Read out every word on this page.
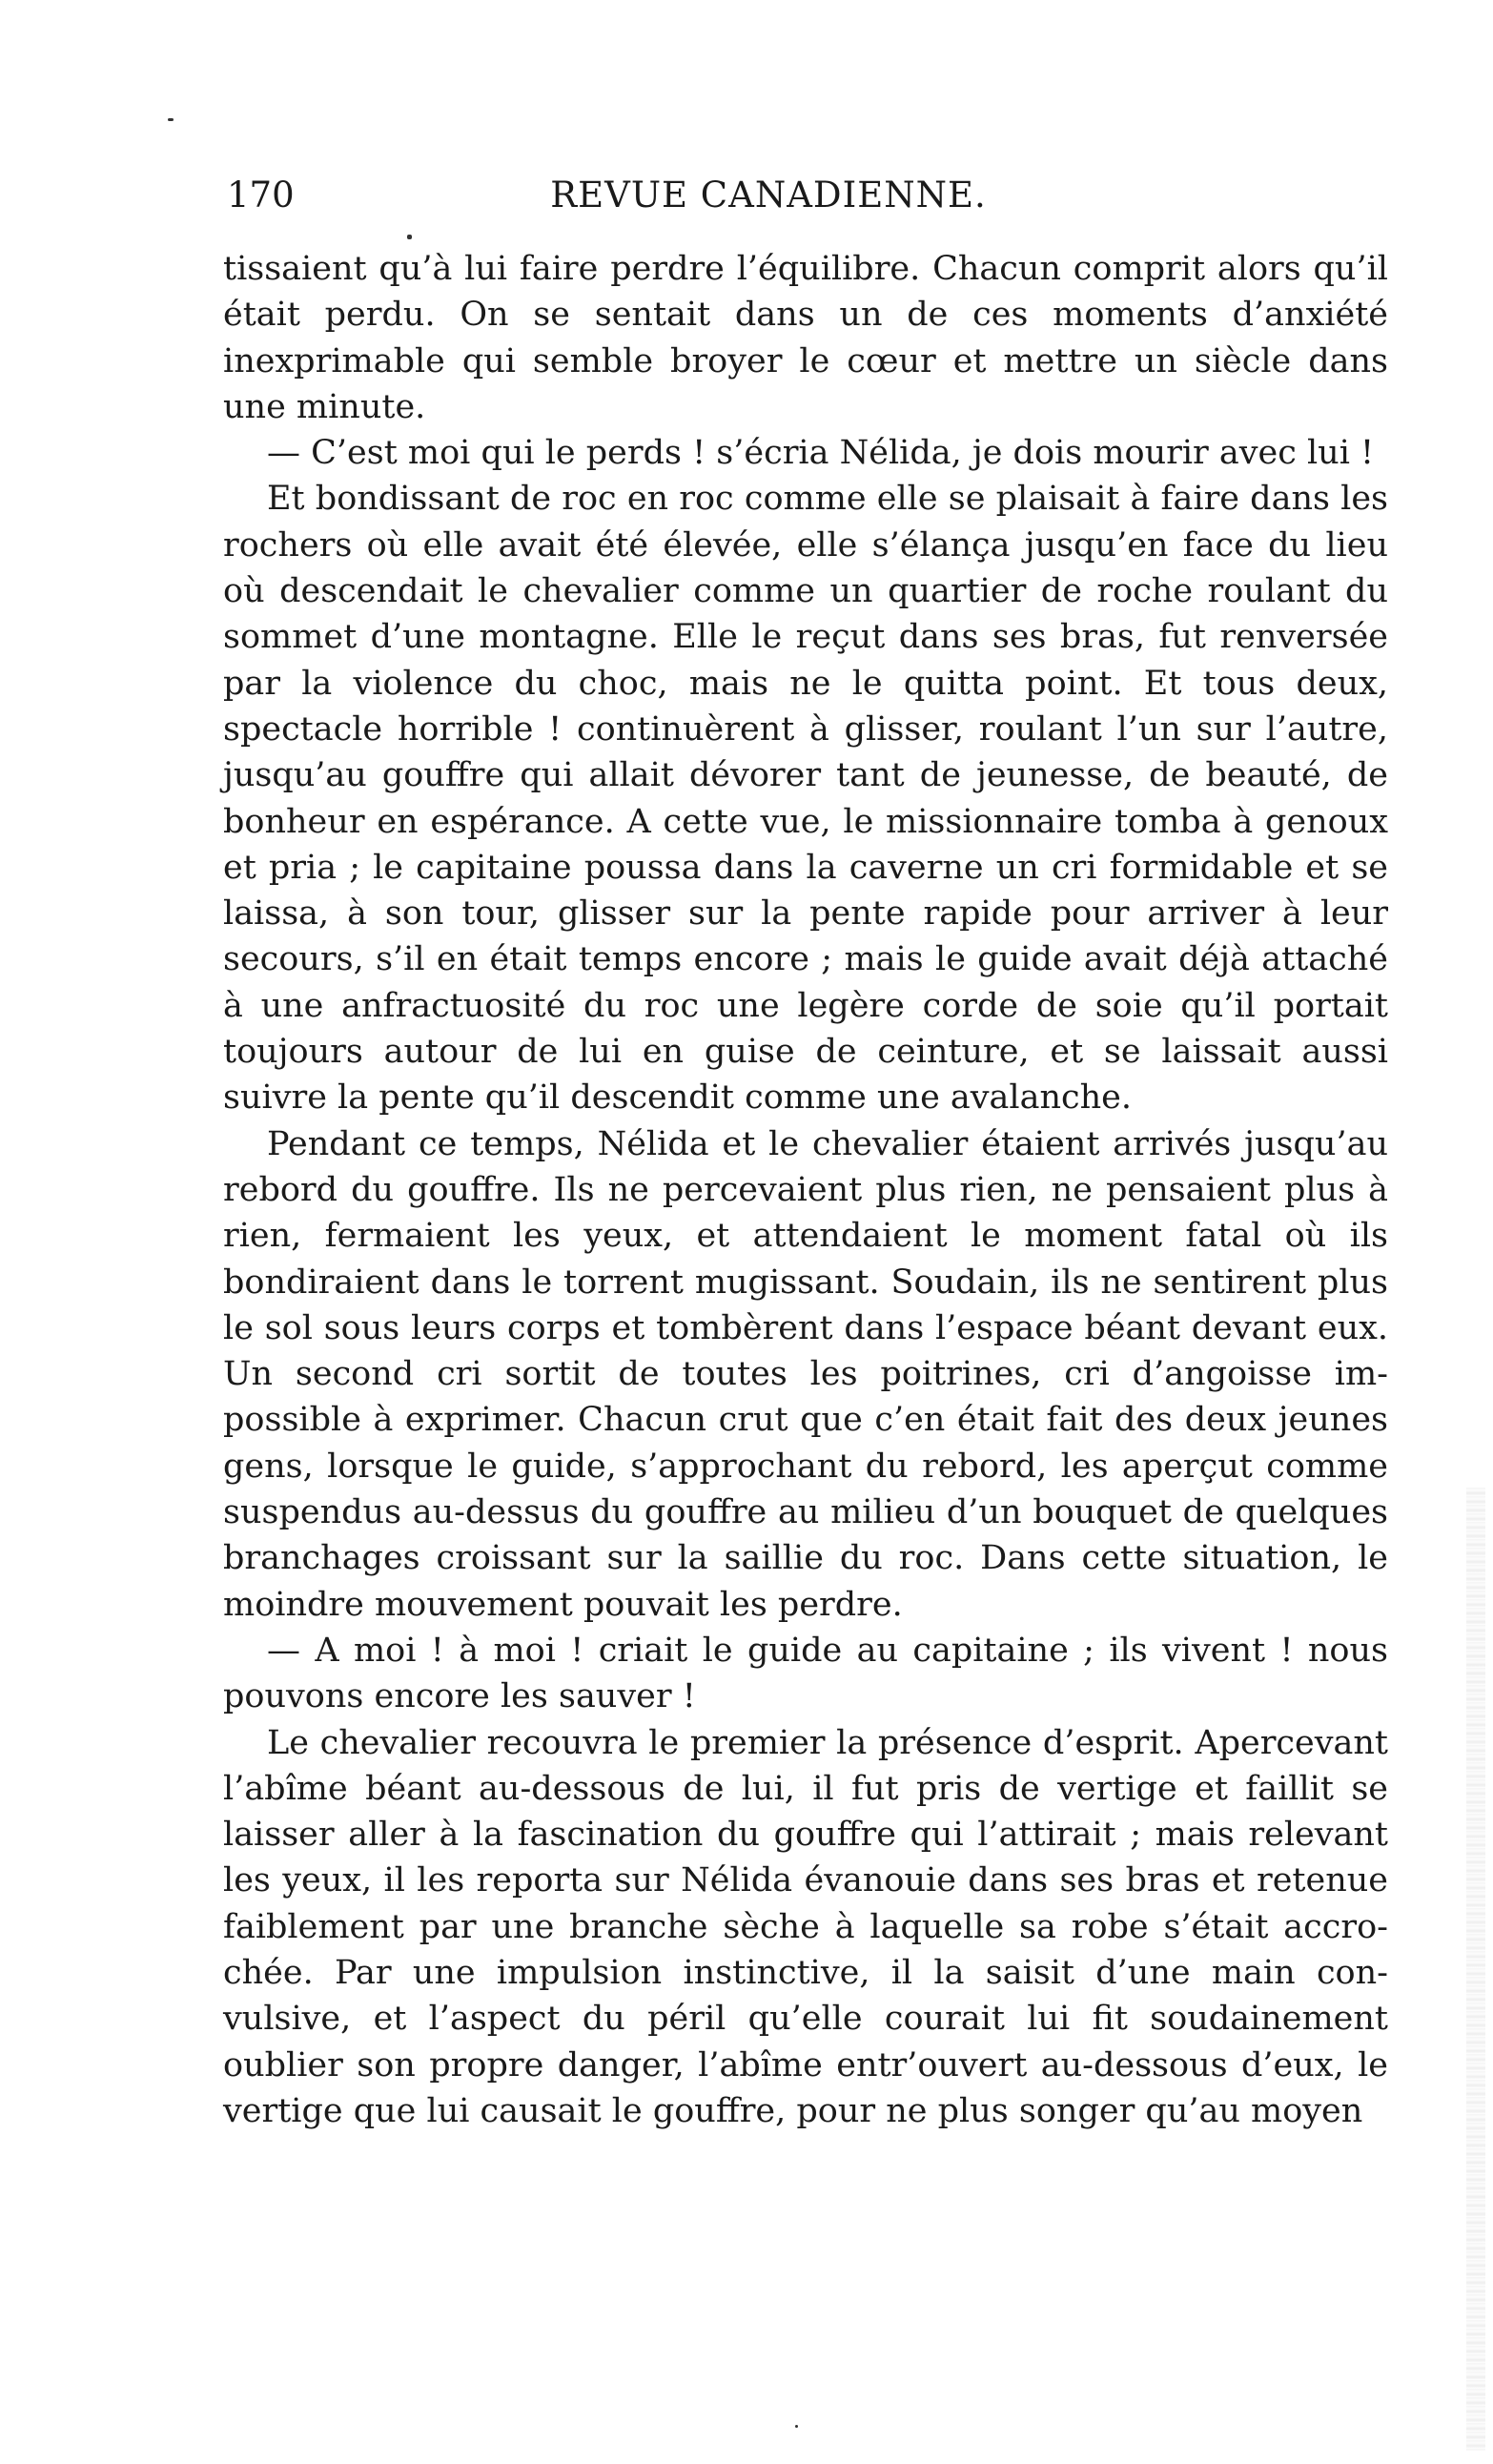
170	REVUE CANADIENNE.

tissaient qu’à lui faire perdre l’équilibre. Chacun comprit alors qu’il était perdu. On se sentait dans un de ces moments d’anxiété inexprimable qui semble broyer le cœur et mettre un siècle dans une minute.

— C’est moi qui le perds ! s’écria Nélida, je dois mourir avec lui !

Et bondissant de roc en roc comme elle se plaisait à faire dans les rochers où elle avait été élevée, elle s’élança jusqu’en face du lieu où descendait le chevalier comme un quartier de roche roulant du sommet d’une montagne. Elle le reçut dans ses bras, fut renversée par la violence du choc, mais ne le quitta point. Et tous deux, spectacle horrible ! continuèrent à glisser, roulant l’un sur l’autre, jusqu’au gouffre qui allait dévorer tant de jeunesse, de beauté, de bonheur en espérance. A cette vue, le missionnaire tomba à genoux et pria ; le capitaine poussa dans la caverne un cri formidable et se laissa, à son tour, glisser sur la pente rapide pour arriver à leur secours, s’il en était temps encore ; mais le guide avait déjà attaché à une anfractuosité du roc une legère corde de soie qu’il portait toujours autour de lui en guise de ceinture, et se laissait aussi suivre la pente qu’il descendit comme une avalanche.

Pendant ce temps, Nélida et le chevalier étaient arrivés jusqu’au rebord du gouffre. Ils ne percevaient plus rien, ne pensaient plus à rien, fermaient les yeux, et attendaient le moment fatal où ils bondiraient dans le torrent mugissant. Soudain, ils ne sentirent plus le sol sous leurs corps et tombèrent dans l’espace béant devant eux. Un second cri sortit de toutes les poitrines, cri d’angoisse impossible à exprimer. Chacun crut que c’en était fait des deux jeunes gens, lorsque le guide, s’approchant du rebord, les aperçut comme suspendus au-dessus du gouffre au milieu d’un bouquet de quelques branchages croissant sur la saillie du roc. Dans cette situation, le moindre mouvement pouvait les perdre.

— A moi ! à moi ! criait le guide au capitaine ; ils vivent ! nous pouvons encore les sauver !

Le chevalier recouvra le premier la présence d’esprit. Apercevant l’abîme béant au-dessous de lui, il fut pris de vertige et faillit se laisser aller à la fascination du gouffre qui l’attirait ; mais relevant les yeux, il les reporta sur Nélida évanouie dans ses bras et retenue faiblement par une branche sèche à laquelle sa robe s’était accrochée. Par une impulsion instinctive, il la saisit d’une main convulsive, et l’aspect du péril qu’elle courait lui fit soudainement oublier son propre danger, l’abîme entr’ouvert au-dessous d’eux, le vertige que lui causait le gouffre, pour ne plus songer qu’au moyen
